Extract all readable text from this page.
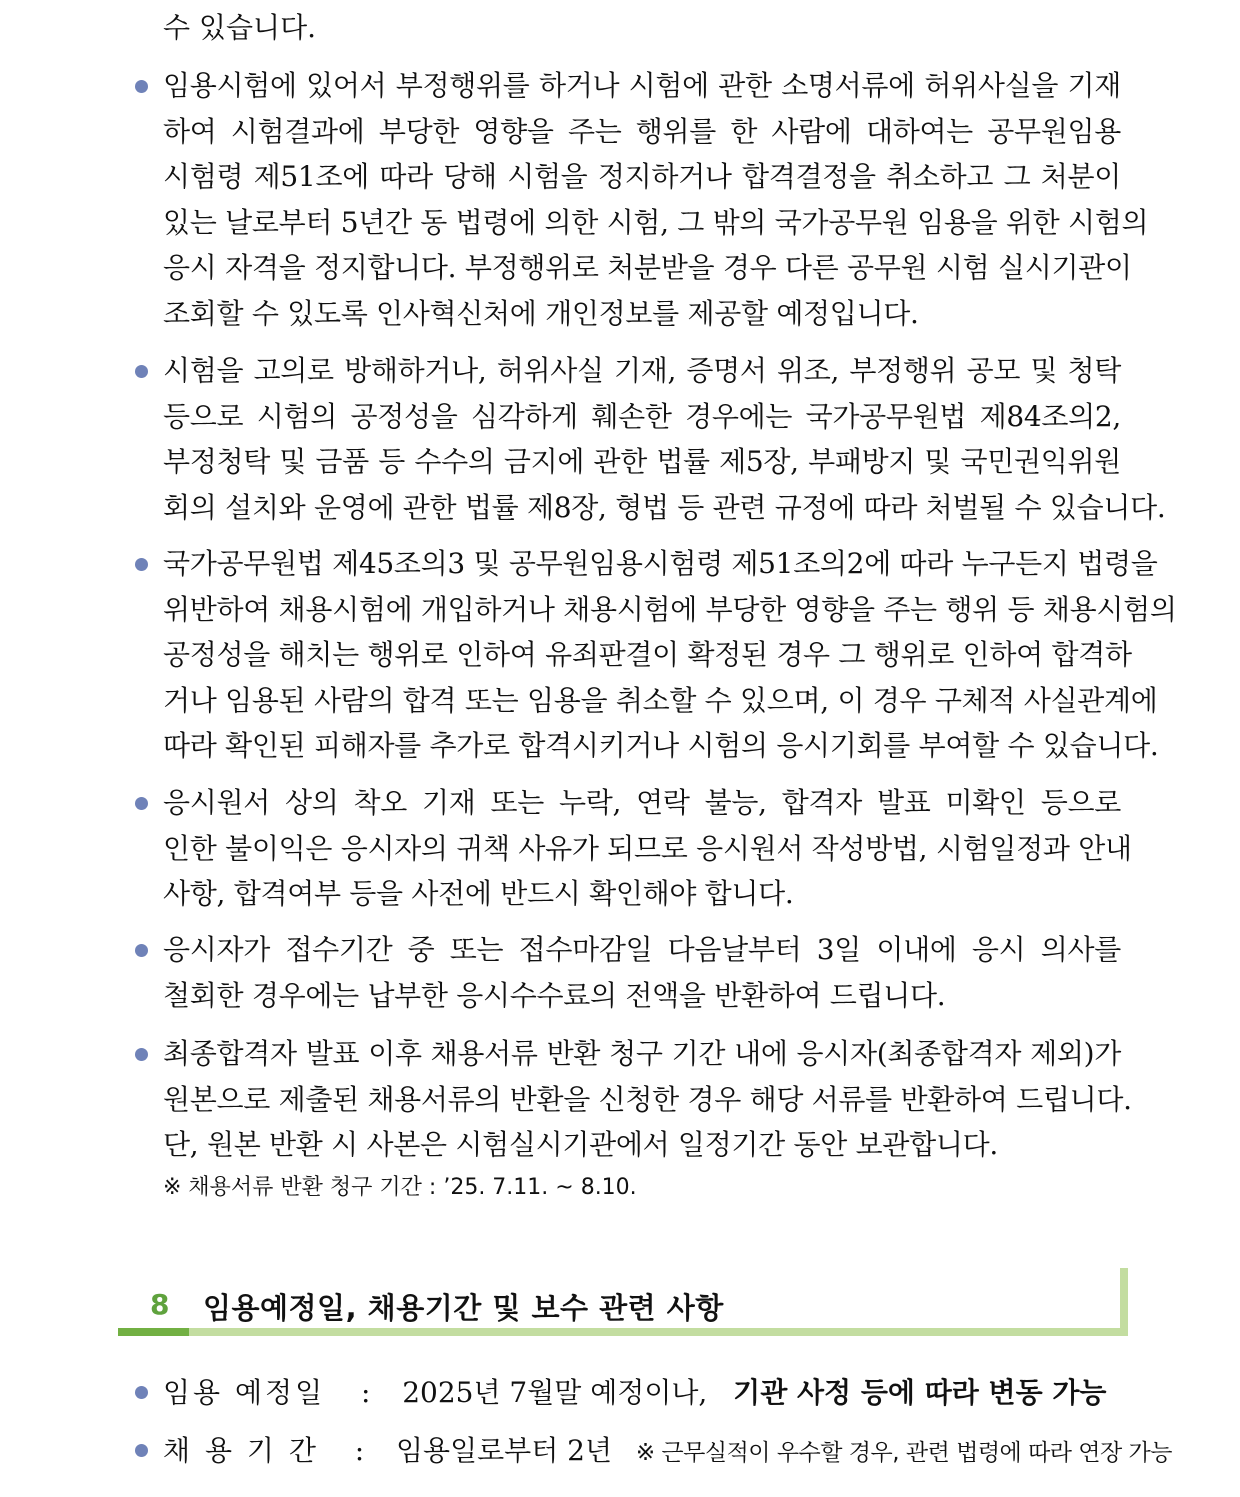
수 있습니다.
임용시험에 있어서 부정행위를 하거나 시험에 관한 소명서류에 허위사실을 기재
하여 시험결과에 부당한 영향을 주는 행위를 한 사람에 대하여는 공무원임용
시험령 제51조에 따라 당해 시험을 정지하거나 합격결정을 취소하고 그 처분이
있는 날로부터 5년간 동 법령에 의한 시험, 그 밖의 국가공무원 임용을 위한 시험의
응시 자격을 정지합니다. 부정행위로 처분받을 경우 다른 공무원 시험 실시기관이
조회할 수 있도록 인사혁신처에 개인정보를 제공할 예정입니다.
시험을 고의로 방해하거나, 허위사실 기재, 증명서 위조, 부정행위 공모 및 청탁
등으로 시험의 공정성을 심각하게 훼손한 경우에는 국가공무원법 제84조의2,
부정청탁 및 금품 등 수수의 금지에 관한 법률 제5장, 부패방지 및 국민권익위원
회의 설치와 운영에 관한 법률 제8장, 형법 등 관련 규정에 따라 처벌될 수 있습니다.
국가공무원법 제45조의3 및 공무원임용시험령 제51조의2에 따라 누구든지 법령을
위반하여 채용시험에 개입하거나 채용시험에 부당한 영향을 주는 행위 등 채용시험의
공정성을 해치는 행위로 인하여 유죄판결이 확정된 경우 그 행위로 인하여 합격하
거나 임용된 사람의 합격 또는 임용을 취소할 수 있으며, 이 경우 구체적 사실관계에
따라 확인된 피해자를 추가로 합격시키거나 시험의 응시기회를 부여할 수 있습니다.
응시원서 상의 착오 기재 또는 누락, 연락 불능, 합격자 발표 미확인 등으로
인한 불이익은 응시자의 귀책 사유가 되므로 응시원서 작성방법, 시험일정과 안내
사항, 합격여부 등을 사전에 반드시 확인해야 합니다.
응시자가 접수기간 중 또는 접수마감일 다음날부터 3일 이내에 응시 의사를
철회한 경우에는 납부한 응시수수료의 전액을 반환하여 드립니다.
최종합격자 발표 이후 채용서류 반환 청구 기간 내에 응시자(최종합격자 제외)가
원본으로 제출된 채용서류의 반환을 신청한 경우 해당 서류를 반환하여 드립니다.
단, 원본 반환 시 사본은 시험실시기관에서 일정기간 동안 보관합니다.
※ 채용서류 반환 청구 기간 : ’25. 7.11. ~ 8.10.
8 임용예정일, 채용기간 및 보수 관련 사항
임용 예정일 : 2025년 7월말 예정이나, 기관 사정 등에 따라 변동 가능
채 용 기 간 : 임용일로부터 2년 ※ 근무실적이 우수할 경우, 관련 법령에 따라 연장 가능
